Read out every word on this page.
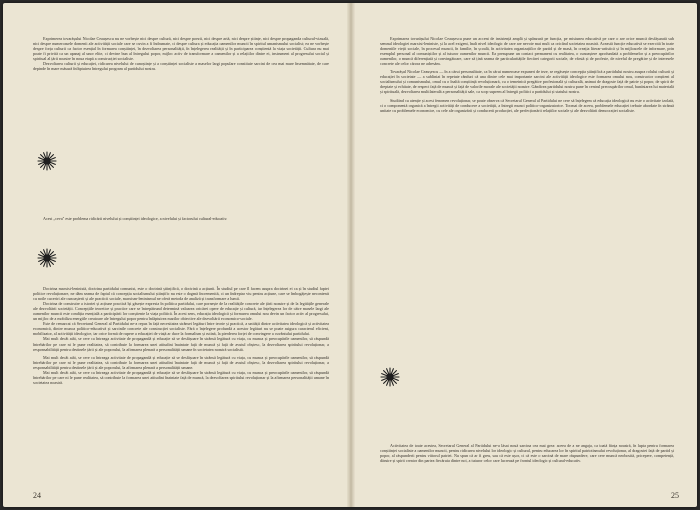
Exprimerea tovarășului Nicolae Ceaușescu nu ne vorbește nici despre cultură, nici despre poezii, nici despre artă, nici despre științe, nici despre propaganda cultural-vizuală, nici despre numeroasele domenii ale activității sociale care se cuvin a fi îndrumate, ci despre cultura și educația oamenilor muncii în spiritul umanismului socialist; ea ne vorbește despre forța culturii ca factor esențial în formarea conștiinței, în dezvoltarea personalității, în înțelegerea realității și în participarea conștientă la viața societății. Cultura nu mai poate fi privită ca un apanaj al unor elite, ci devine bun al întregului popor, mijloc activ de transformare a oamenilor și a relațiilor dintre ei, instrument al progresului social și spiritual al țării noastre în noua etapă a construcției socialiste.

Dezvoltarea culturii și educației, ridicarea nivelului de cunoștințe și a conștiinței socialiste a maselor largi populare constituie sarcini de cea mai mare însemnătate, de care depinde în mare măsură înfăptuirea întregului program al partidului nostru.

Acest „ceva" este problema ridicării nivelului și conștiinței ideologice, a nivelului și factorului cultural-educativ.

Doctrina marxist-leninistă, doctrina partidului comunist, este o doctrină științifică, o doctrină a acțiunii. În studiul pe care îl facem asupra doctrinei ei ca și în studiul faptei politice revoluționare, ne dăm seama de faptul că concepția socialismului științific nu este o dogmă încremenită, ci un îndreptar viu pentru acțiune, care se îmbogățește necontenit cu noile cuceriri ale cunoașterii și ale practicii sociale, marxism-leninismul ne oferă metoda de analiză și transformare a lumii.

Doctrina de construire a istoriei și acțiune practică își găsește expresia în politica partidului, care pornește de la realitățile concrete ale țării noastre și de la legitățile generale ale dezvoltării societății. Concepțiile teoretice și practice care se întrepătrund determină valoarea oricărei opere de educație și cultură, iar înțelegerea lor de către masele largi ale oamenilor muncii este condiția esențială a participării lor conștiente la viața politică. În acest sens, educația ideologică și formarea omului nou devin un factor activ al progresului, un mijloc de a mobiliza energiile creatoare ale întregului popor pentru înfăptuirea marilor obiective ale dezvoltării economico-sociale.

Este de remarcat că Secretarul General al Partidului ne-a repus în față necesitatea strânsei legături între teorie și practică, a unității dintre activitatea ideologică și activitatea economică, dintre munca politico-educativă și sarcinile concrete ale construcției socialiste. Fără o înțelegere profundă a acestor legături nu se poate asigura caracterul eficient, mobilizator, al activității ideologice, iar orice formă de rupere a educației de viață ar duce la formalism și rutină, la pierderea forței de convingere a cuvântului partidului.

Mai mult decât atât, se cere ca întreaga activitate de propagandă și educație să se desfășoare în strânsă legătură cu viața, cu munca și preocupările oamenilor, să răspundă întrebărilor pe care ni le pune realitatea, să contribuie la formarea unei atitudini înaintate față de muncă și față de avutul obștesc, la dezvoltarea spiritului revoluționar, a responsabilității pentru destinele țării și ale poporului, la afirmarea plenară a personalității umane în societatea noastră socialistă.

Mai mult decât atât, se cere ca întreaga activitate de propagandă și educație să se desfășoare în strânsă legătură cu viața, cu munca și preocupările oamenilor, să răspundă întrebărilor pe care ni le pune realitatea, să contribuie la formarea unei atitudini înaintate față de muncă și față de avutul obștesc, la dezvoltarea spiritului revoluționar, a responsabilității pentru destinele țării și ale poporului, la afirmarea plenară a personalității umane.

Mai mult decât atât, se cere ca întreaga activitate de propagandă și educație să se desfășoare în strânsă legătură cu viața, cu munca și preocupările oamenilor, să răspundă întrebărilor pe care ni le pune realitatea, să contribuie la formarea unei atitudini înaintate față de muncă, la dezvoltarea spiritului revoluționar și la afirmarea personalității umane în societatea noastră.

24

Exprimarea tovarășului Nicolae Ceaușescu pune un accent de insistență amplă și spânzură pe funcția, pe misiunea educativă pe care o are orice muncă desfășurată sub semnul ideologiei marxist-leniniste, și la acel exigent, înalt nivel ideologic de care are nevoie mai mult ca oricând societatea noastră. Această funcție educativă se exercită în toate domeniile vieții sociale, în procesul muncii, în familie, în școală, în activitatea organizațiilor de partid și de masă, în creația literar-artistică și în mijloacele de informare, prin exemplul personal al comuniștilor și al tuturor oamenilor muncii. Ea presupune un contact permanent cu realitatea, o cunoaștere aprofundată a problemelor și a preocupărilor oamenilor, o muncă diferențiată și convingătoare, care să țină seama de particularitățile fiecărei categorii sociale, de vârstă și de profesie, de nivelul de pregătire și de interesele concrete ale celor cărora ne adresăm.

Tovarășul Nicolae Ceaușescu — în a cărui personalitate, ca în cărui numeroase expuneri de teze, se regăsește concepția științifică a partidului nostru asupra rolului culturii și educației în societate — a subliniat în repetate rânduri că una dintre cele mai importante sarcini ale activității ideologice este formarea omului nou, constructor conștient al socialismului și comunismului, omul cu o înaltă conștiință revoluționară, cu o temeinică pregătire profesională și culturală, animat de dragoste față de patrie și popor, de spirit de dreptate și echitate, de respect față de muncă și față de valorile morale ale societății noastre. Gândirea partidului nostru pune în centrul preocupărilor omul, bunăstarea lui materială și spirituală, dezvoltarea multilaterală a personalității sale, ca scop suprem al întregii politici a partidului și statului nostru.

Studiind cu atenție și acest fenomen revoluționar, se poate observa că Secretarul General al Partidului ne cere să înțelegem că educația ideologică nu este o activitate izolată, ci o componentă organică a întregii activități de conducere a societății, a întregii munci politico-organizatorice. Tocmai de aceea, problemele educației trebuie abordate în strânsă unitate cu problemele economice, cu cele ale organizării și conducerii producției, ale perfecționării relațiilor sociale și ale dezvoltării democrației socialiste.

Activitatea de toate acestea, Secretarul General al Partidului ne-a lăsat nouă sarcina cea mai grea: aceea de a ne angaja, ca toată ființa noastră, în lupta pentru formarea conștiinței socialiste a oamenilor muncii, pentru ridicarea nivelului lor ideologic și cultural, pentru educarea lor în spiritul patriotismului revoluționar, al dragostei față de partid și popor, al răspunderii pentru viitorul patriei. Nu spun că ar fi greu, sau că este ușor, ci că este o sarcină de mare răspundere, care cere muncă neobosită, pricepere, competență, dăruire și spirit creator din partea fiecăruia dintre noi, a tuturor celor care lucrează pe frontul ideologic și cultural-educativ.

25
